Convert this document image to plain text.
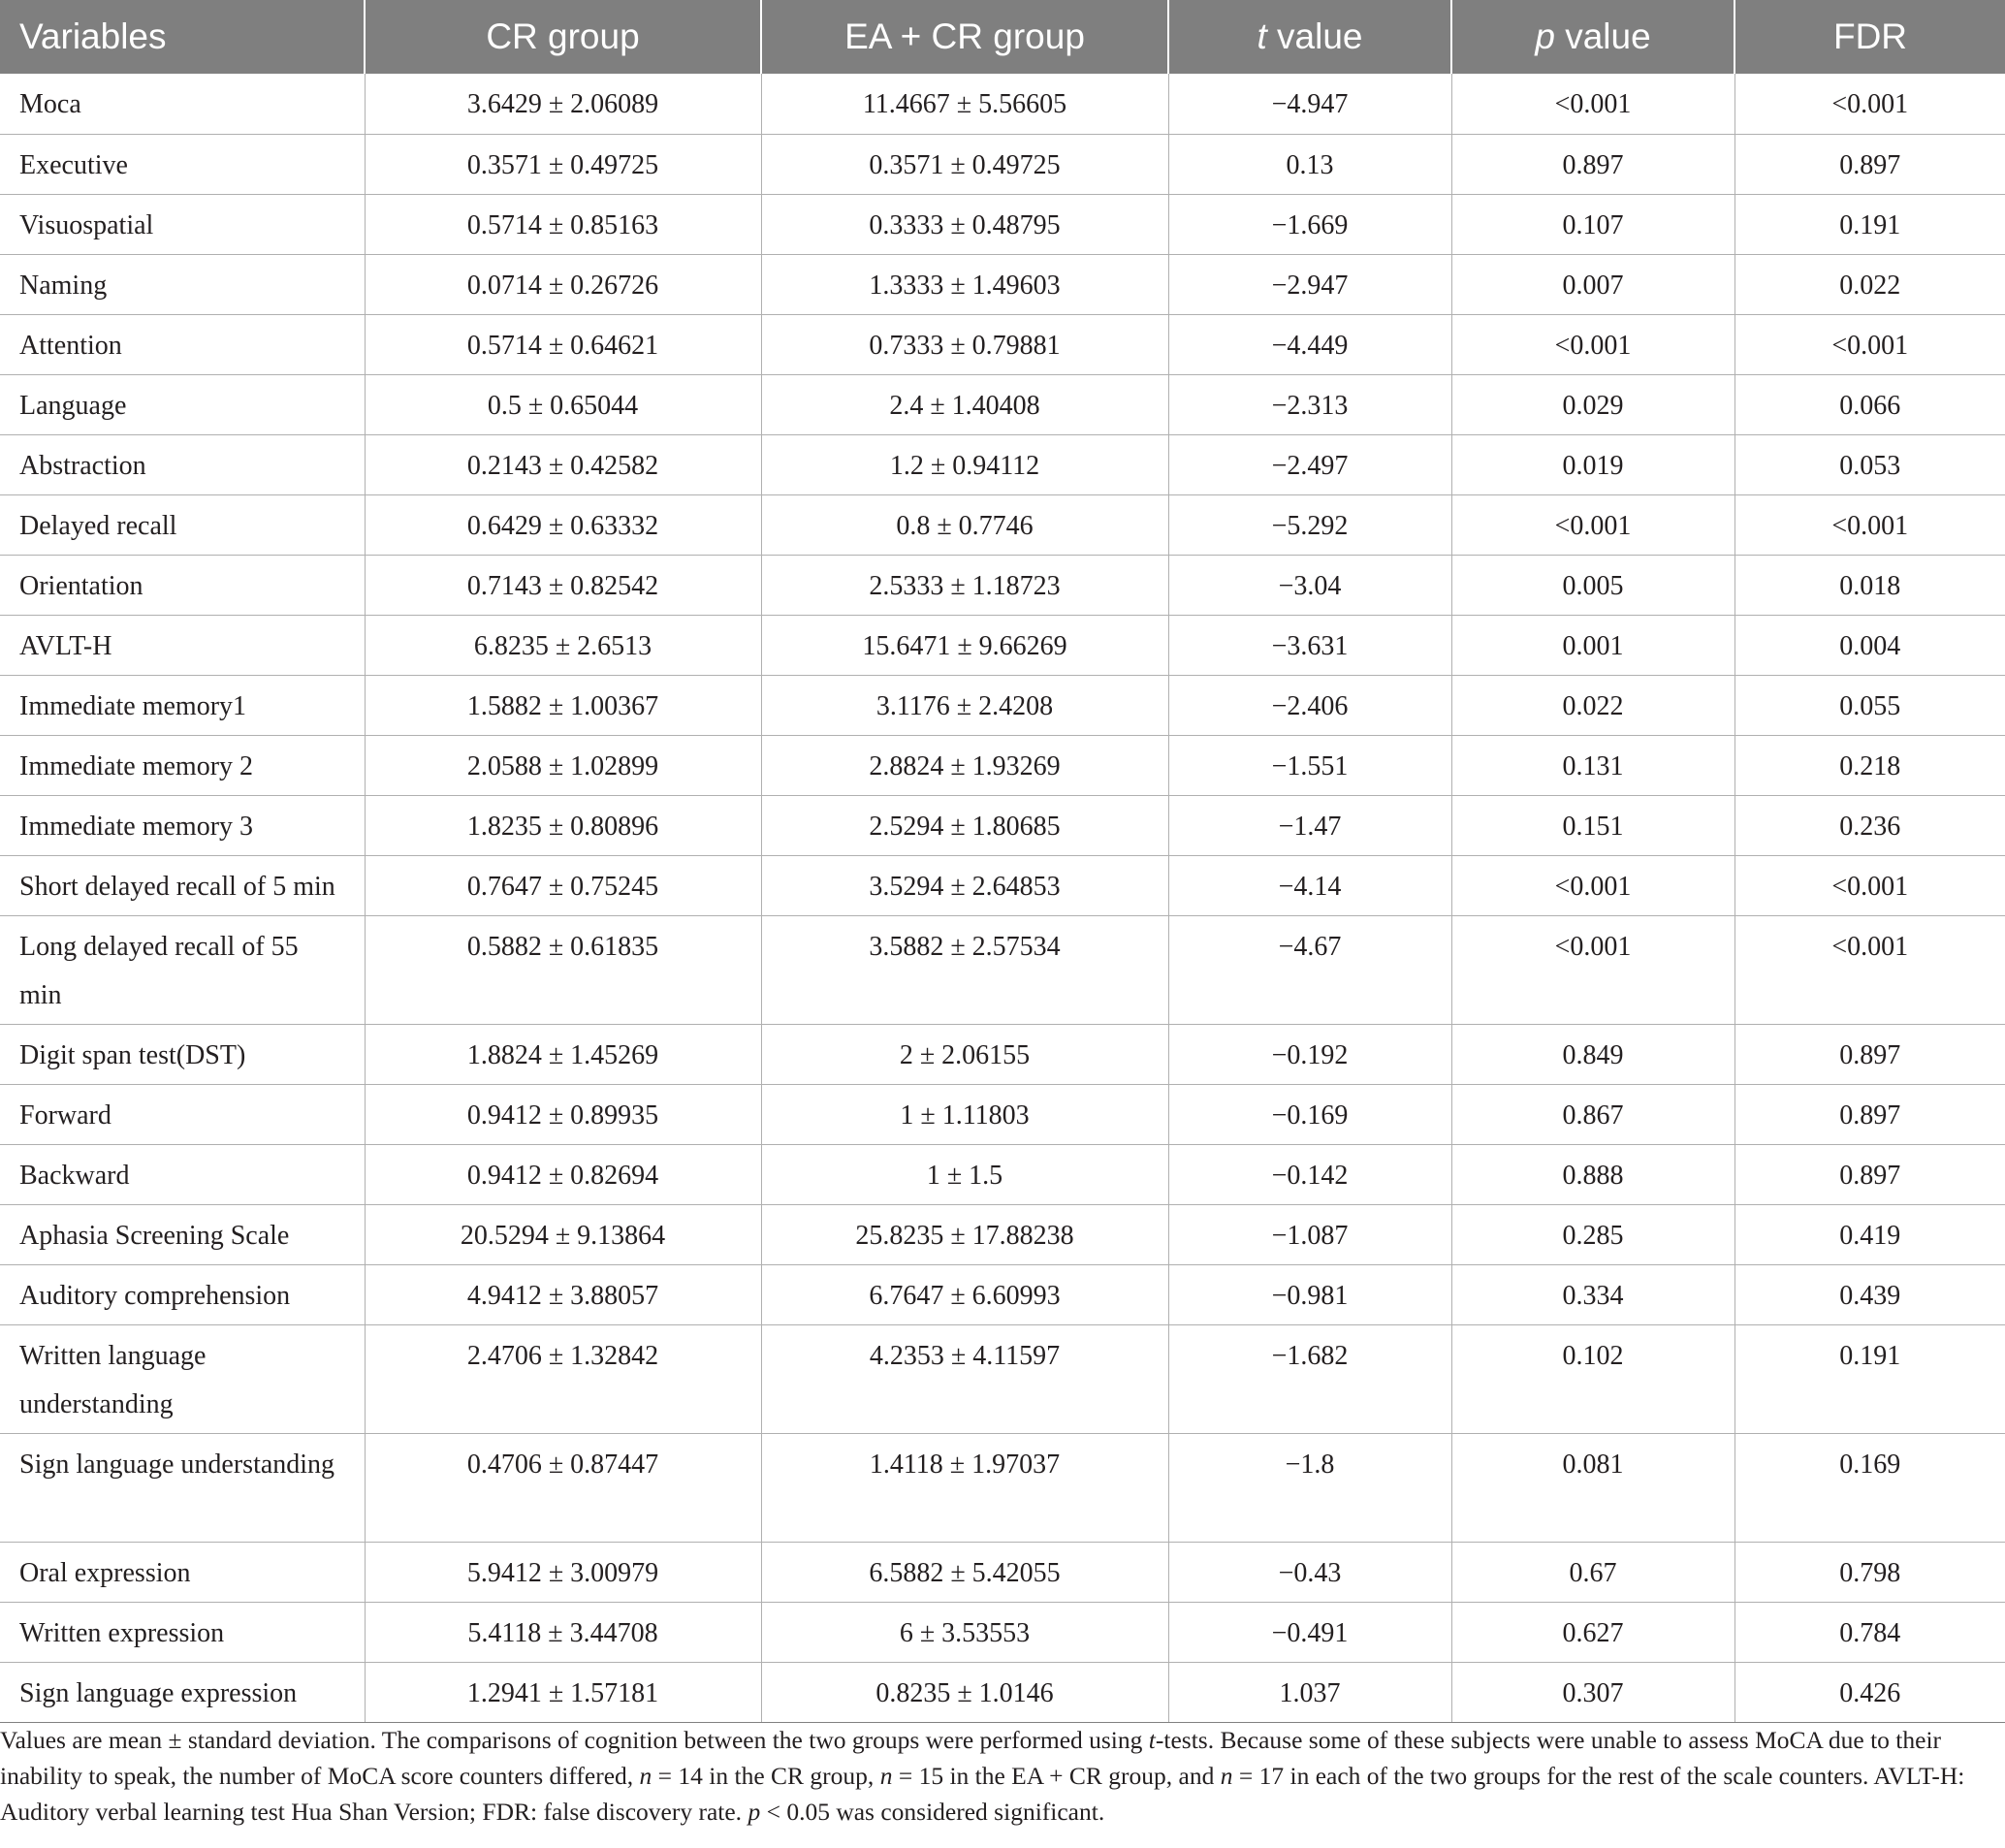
Variables	CR group	EA + CR group	t value	p value	FDR
Moca	3.6429 ± 2.06089	11.4667 ± 5.56605	−4.947	<0.001	<0.001
Executive	0.3571 ± 0.49725	0.3571 ± 0.49725	0.13	0.897	0.897
Visuospatial	0.5714 ± 0.85163	0.3333 ± 0.48795	−1.669	0.107	0.191
Naming	0.0714 ± 0.26726	1.3333 ± 1.49603	−2.947	0.007	0.022
Attention	0.5714 ± 0.64621	0.7333 ± 0.79881	−4.449	<0.001	<0.001
Language	0.5 ± 0.65044	2.4 ± 1.40408	−2.313	0.029	0.066
Abstraction	0.2143 ± 0.42582	1.2 ± 0.94112	−2.497	0.019	0.053
Delayed recall	0.6429 ± 0.63332	0.8 ± 0.7746	−5.292	<0.001	<0.001
Orientation	0.7143 ± 0.82542	2.5333 ± 1.18723	−3.04	0.005	0.018
AVLT-H	6.8235 ± 2.6513	15.6471 ± 9.66269	−3.631	0.001	0.004
Immediate memory1	1.5882 ± 1.00367	3.1176 ± 2.4208	−2.406	0.022	0.055
Immediate memory 2	2.0588 ± 1.02899	2.8824 ± 1.93269	−1.551	0.131	0.218
Immediate memory 3	1.8235 ± 0.80896	2.5294 ± 1.80685	−1.47	0.151	0.236
Short delayed recall of 5 min	0.7647 ± 0.75245	3.5294 ± 2.64853	−4.14	<0.001	<0.001
Long delayed recall of 55 min	0.5882 ± 0.61835	3.5882 ± 2.57534	−4.67	<0.001	<0.001
Digit span test(DST)	1.8824 ± 1.45269	2 ± 2.06155	−0.192	0.849	0.897
Forward	0.9412 ± 0.89935	1 ± 1.11803	−0.169	0.867	0.897
Backward	0.9412 ± 0.82694	1 ± 1.5	−0.142	0.888	0.897
Aphasia Screening Scale	20.5294 ± 9.13864	25.8235 ± 17.88238	−1.087	0.285	0.419
Auditory comprehension	4.9412 ± 3.88057	6.7647 ± 6.60993	−0.981	0.334	0.439
Written language understanding	2.4706 ± 1.32842	4.2353 ± 4.11597	−1.682	0.102	0.191
Sign language understanding	0.4706 ± 0.87447	1.4118 ± 1.97037	−1.8	0.081	0.169
Oral expression	5.9412 ± 3.00979	6.5882 ± 5.42055	−0.43	0.67	0.798
Written expression	5.4118 ± 3.44708	6 ± 3.53553	−0.491	0.627	0.784
Sign language expression	1.2941 ± 1.57181	0.8235 ± 1.0146	1.037	0.307	0.426
Values are mean ± standard deviation. The comparisons of cognition between the two groups were performed using t-tests. Because some of these subjects were unable to assess MoCA due to their inability to speak, the number of MoCA score counters differed, n = 14 in the CR group, n = 15 in the EA + CR group, and n = 17 in each of the two groups for the rest of the scale counters. AVLT-H: Auditory verbal learning test Hua Shan Version; FDR: false discovery rate. p < 0.05 was considered significant.
